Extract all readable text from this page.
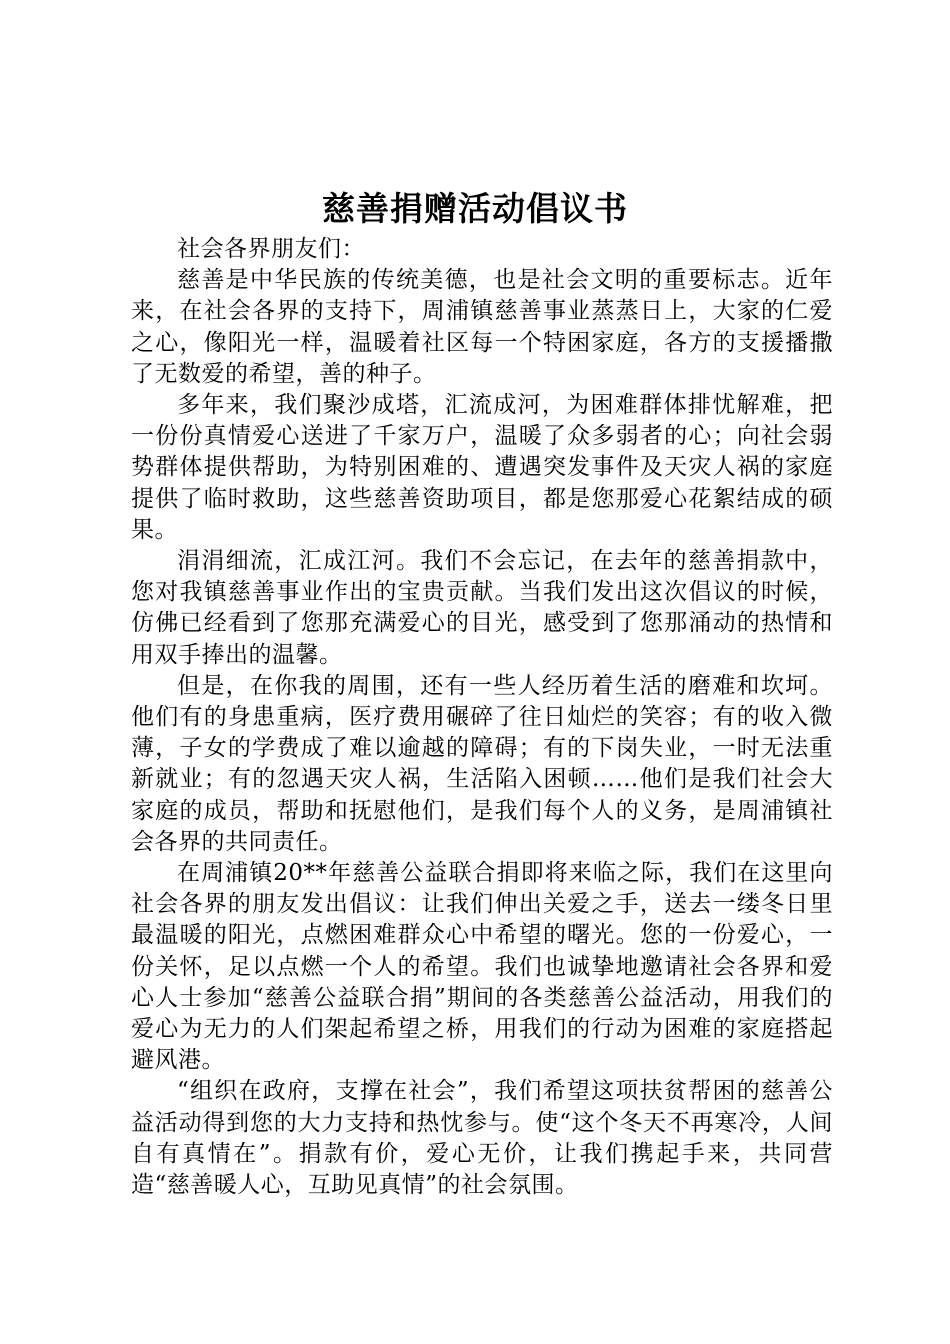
慈善捐赠活动倡议书

社会各界朋友们：

慈善是中华民族的传统美德，也是社会文明的重要标志。近年来，在社会各界的支持下，周浦镇慈善事业蒸蒸日上，大家的仁爱之心，像阳光一样，温暖着社区每一个特困家庭，各方的支援播撒了无数爱的希望，善的种子。

多年来，我们聚沙成塔，汇流成河，为困难群体排忧解难，把一份份真情爱心送进了千家万户，温暖了众多弱者的心；向社会弱势群体提供帮助，为特别困难的、遭遇突发事件及天灾人祸的家庭提供了临时救助，这些慈善资助项目，都是您那爱心花絮结成的硕果。

涓涓细流，汇成江河。我们不会忘记，在去年的慈善捐款中，您对我镇慈善事业作出的宝贵贡献。当我们发出这次倡议的时候，仿佛已经看到了您那充满爱心的目光，感受到了您那涌动的热情和用双手捧出的温馨。

但是，在你我的周围，还有一些人经历着生活的磨难和坎坷。他们有的身患重病，医疗费用碾碎了往日灿烂的笑容；有的收入微薄，子女的学费成了难以逾越的障碍；有的下岗失业，一时无法重新就业；有的忽遇天灾人祸，生活陷入困顿……他们是我们社会大家庭的成员，帮助和抚慰他们，是我们每个人的义务，是周浦镇社会各界的共同责任。

在周浦镇20**年慈善公益联合捐即将来临之际，我们在这里向社会各界的朋友发出倡议：让我们伸出关爱之手，送去一缕冬日里最温暖的阳光，点燃困难群众心中希望的曙光。您的一份爱心，一份关怀，足以点燃一个人的希望。我们也诚挚地邀请社会各界和爱心人士参加“慈善公益联合捐”期间的各类慈善公益活动，用我们的爱心为无力的人们架起希望之桥，用我们的行动为困难的家庭搭起避风港。

“组织在政府，支撑在社会”，我们希望这项扶贫帮困的慈善公益活动得到您的大力支持和热忱参与。使“这个冬天不再寒冷，人间自有真情在”。捐款有价，爱心无价，让我们携起手来，共同营造“慈善暖人心，互助见真情”的社会氛围。
